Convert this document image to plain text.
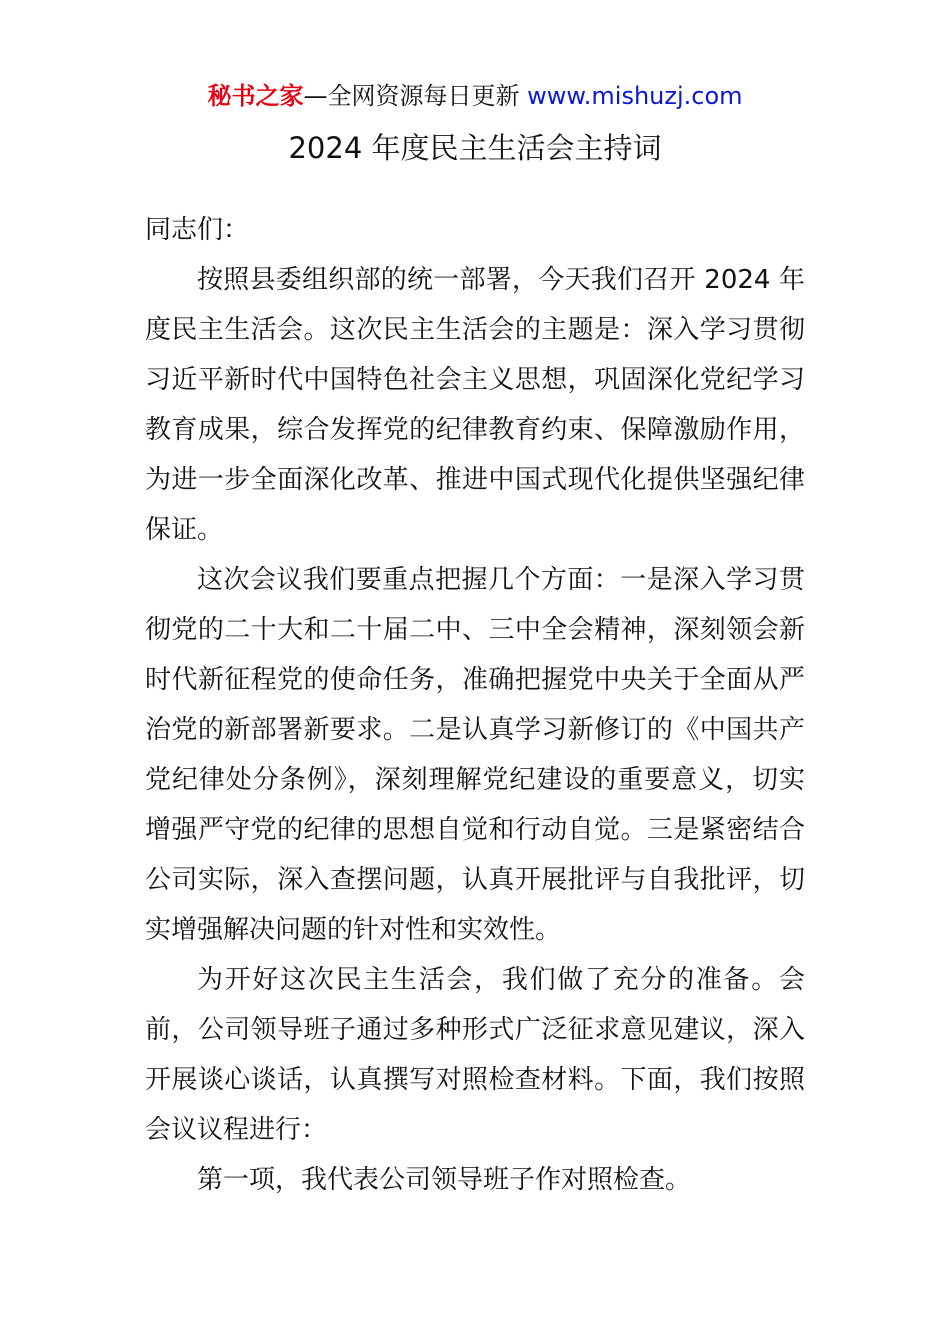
秘书之家—全网资源每日更新 www.mishuzj.com
2024 年度民主生活会主持词

同志们：

按照县委组织部的统一部署，今天我们召开 2024 年度民主生活会。这次民主生活会的主题是：深入学习贯彻习近平新时代中国特色社会主义思想，巩固深化党纪学习教育成果，综合发挥党的纪律教育约束、保障激励作用，为进一步全面深化改革、推进中国式现代化提供坚强纪律保证。

这次会议我们要重点把握几个方面：一是深入学习贯彻党的二十大和二十届二中、三中全会精神，深刻领会新时代新征程党的使命任务，准确把握党中央关于全面从严治党的新部署新要求。二是认真学习新修订的《中国共产党纪律处分条例》，深刻理解党纪建设的重要意义，切实增强严守党的纪律的思想自觉和行动自觉。三是紧密结合公司实际，深入查摆问题，认真开展批评与自我批评，切实增强解决问题的针对性和实效性。

为开好这次民主生活会，我们做了充分的准备。会前，公司领导班子通过多种形式广泛征求意见建议，深入开展谈心谈话，认真撰写对照检查材料。下面，我们按照会议议程进行：

第一项，我代表公司领导班子作对照检查。
